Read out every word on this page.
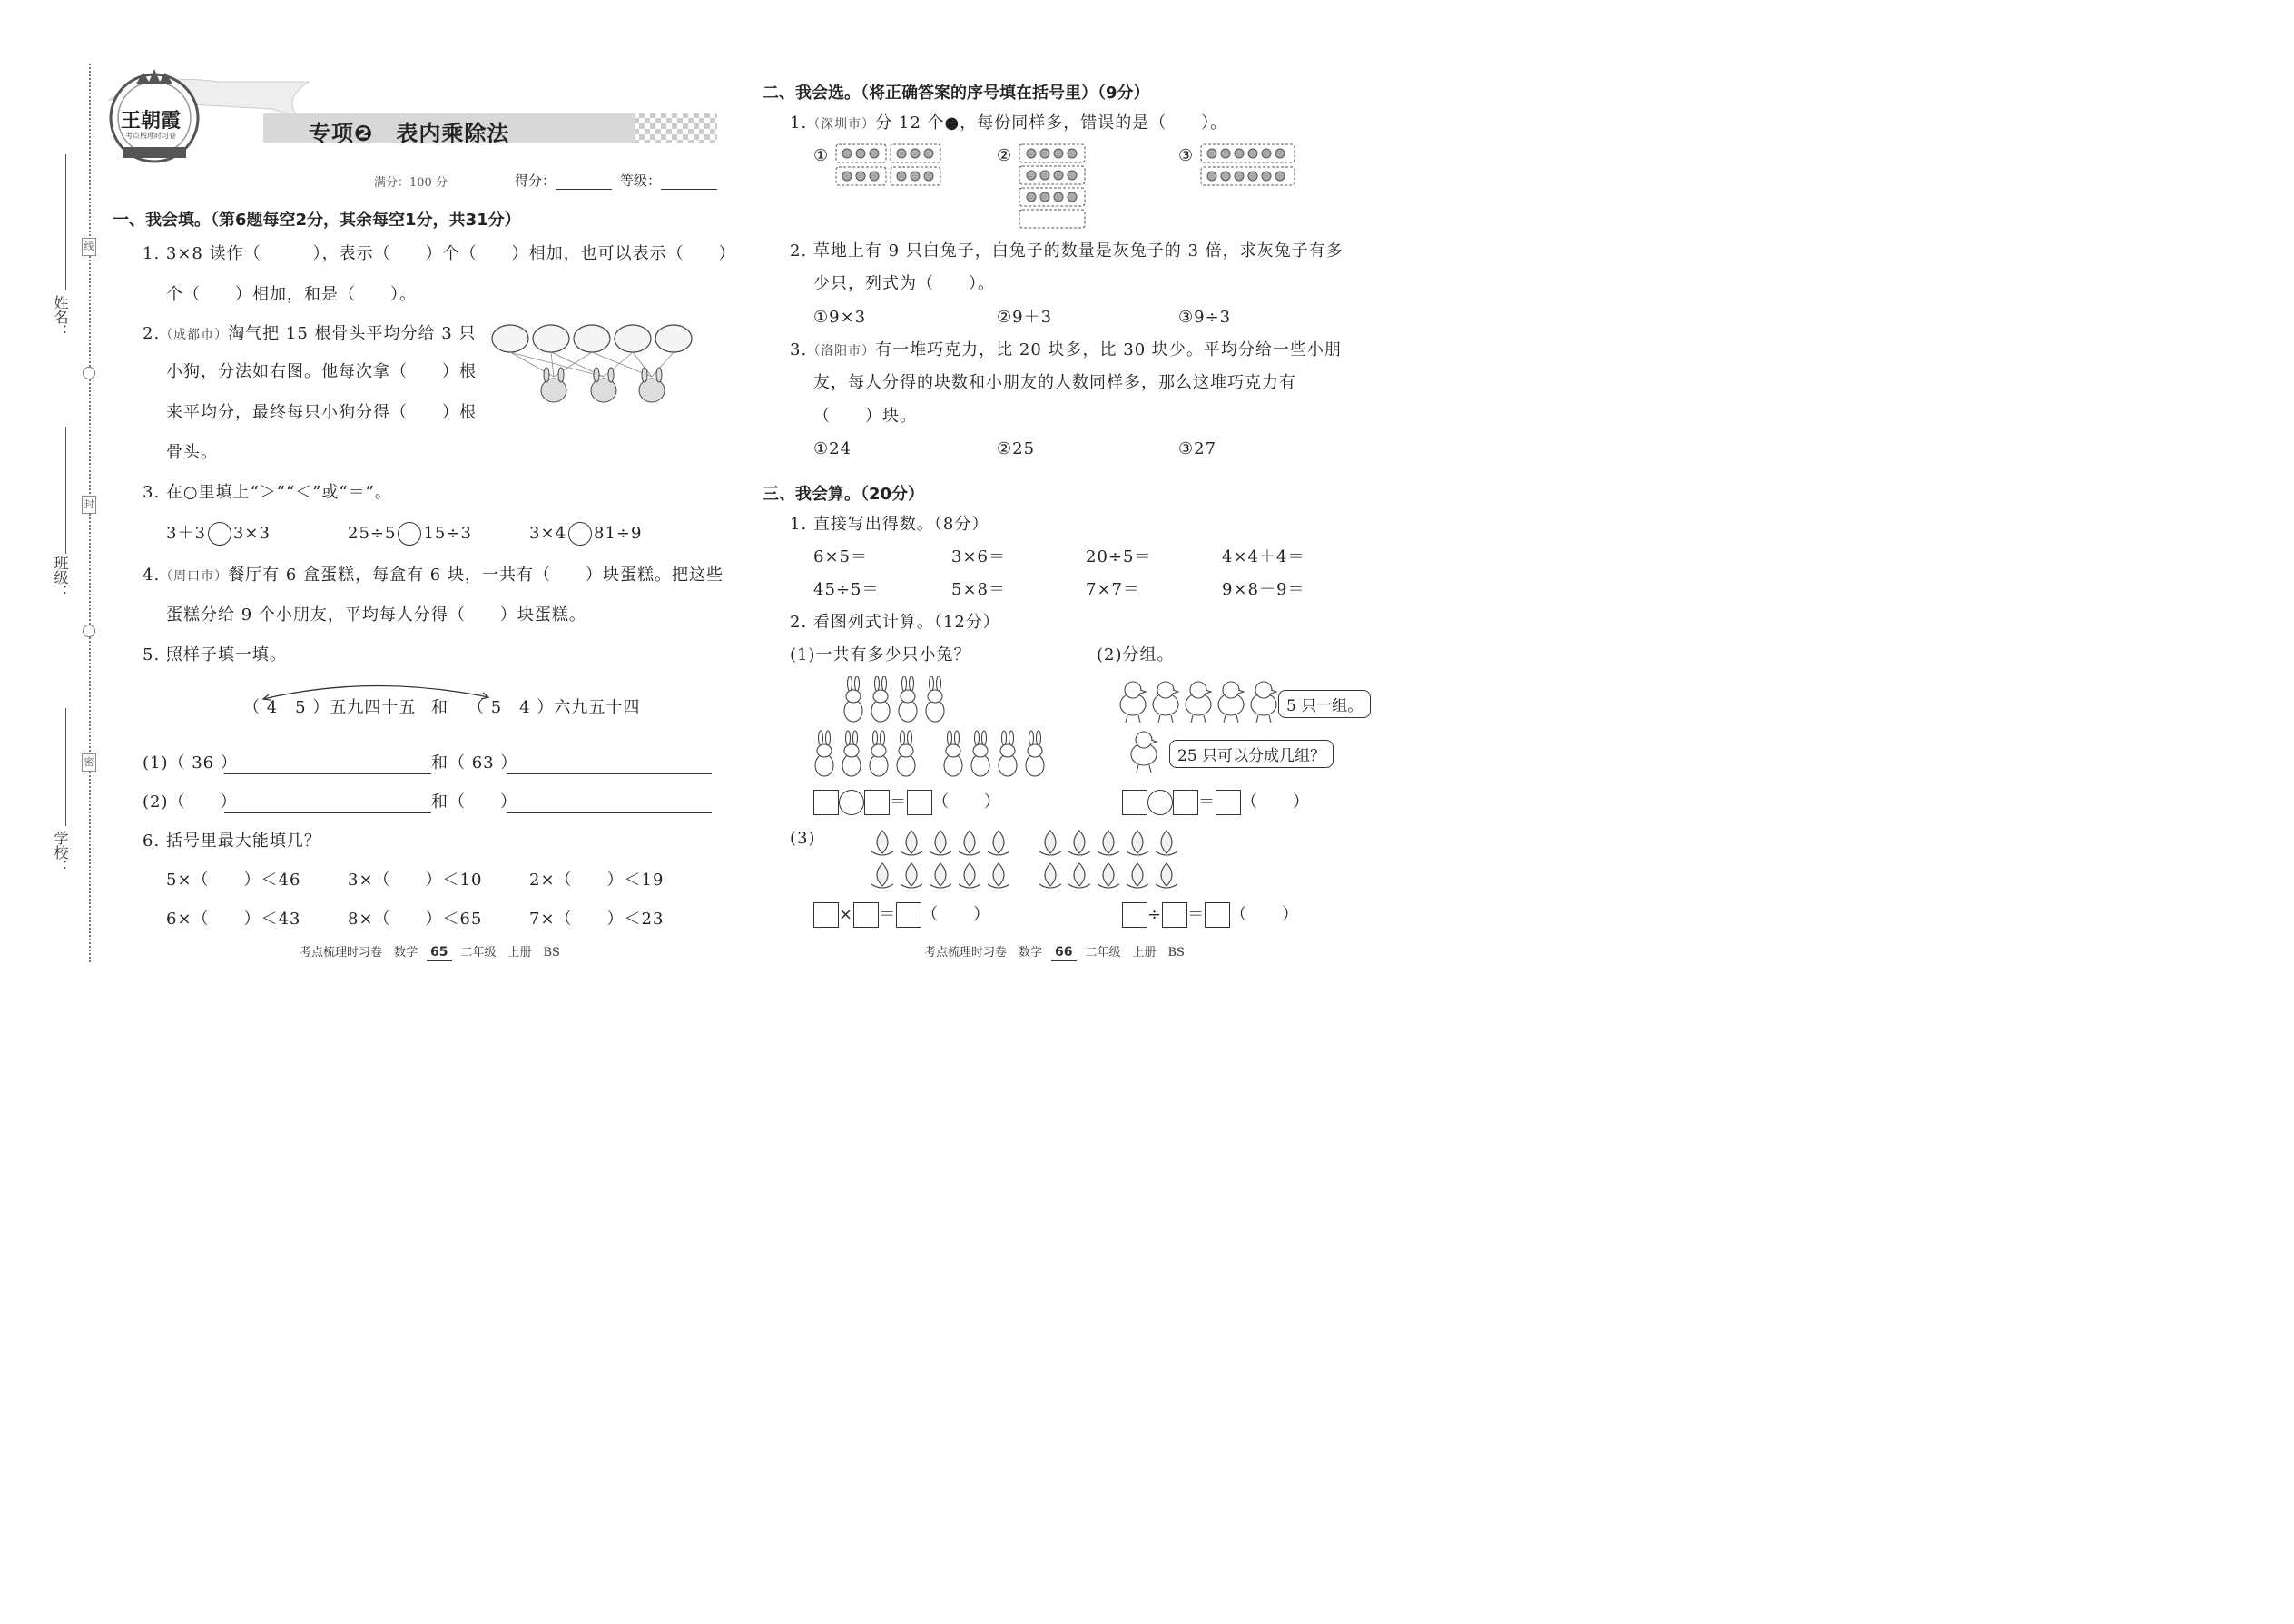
姓名：
班级：
学校：
线
封
密
王朝霞
考点梳理时习卷	专项❷　表内乘除法
满分：100 分	得分：	等级：
一、我会填。（第6题每空2分，其余每空1分，共31分）
1. 3×8 读作（　　　），表示（　　）个（　　）相加，也可以表示（　　）
个（　　）相加，和是（　　）。
2.（成都市）淘气把 15 根骨头平均分给 3 只
小狗，分法如右图。他每次拿（　　）根
来平均分，最终每只小狗分得（　　）根
骨头。
3. 在○里填上“＞”“＜”或“＝”。
3＋3 3×3	25÷5 15÷3	3×4 81÷9
4.（周口市）餐厅有 6 盒蛋糕，每盒有 6 块，一共有（　　）块蛋糕。把这些
蛋糕分给 9 个小朋友，平均每人分得（　　）块蛋糕。
5. 照样子填一填。
（ 4　5 ）五九四十五 和 （ 5　4 ）六九五十四
(1)（ 36 ）	和（ 63 ）
(2)（　　）	和（　　）
6. 括号里最大能填几？
5×（　　）＜46	3×（　　）＜10	2×（　　）＜19
6×（　　）＜43	8×（　　）＜65	7×（　　）＜23
考点梳理时习卷　数学 65 二年级　上册　BS
二、我会选。（将正确答案的序号填在括号里）（9分）
1.（深圳市）分 12 个●，每份同样多，错误的是（　　）。
①	②	③
2. 草地上有 9 只白兔子，白兔子的数量是灰兔子的 3 倍，求灰兔子有多
少只，列式为（　　）。
①9×3	②9＋3	③9÷3
3.（洛阳市）有一堆巧克力，比 20 块多，比 30 块少。平均分给一些小朋
友，每人分得的块数和小朋友的人数同样多，那么这堆巧克力有
（　　）块。
①24	②25	③27
三、我会算。（20分）
1. 直接写出得数。（8分）
6×5＝	3×6＝	20÷5＝	4×4＋4＝
45÷5＝	5×8＝	7×7＝	9×8－9＝
2. 看图列式计算。（12分）
(1)一共有多少只小兔？	(2)分组。
5 只一组。
25 只可以分成几组？
＝ （　　）	＝ （　　）
(3)
× ＝ （　　）	÷ ＝ （　　）
考点梳理时习卷　数学 66 二年级　上册　BS
